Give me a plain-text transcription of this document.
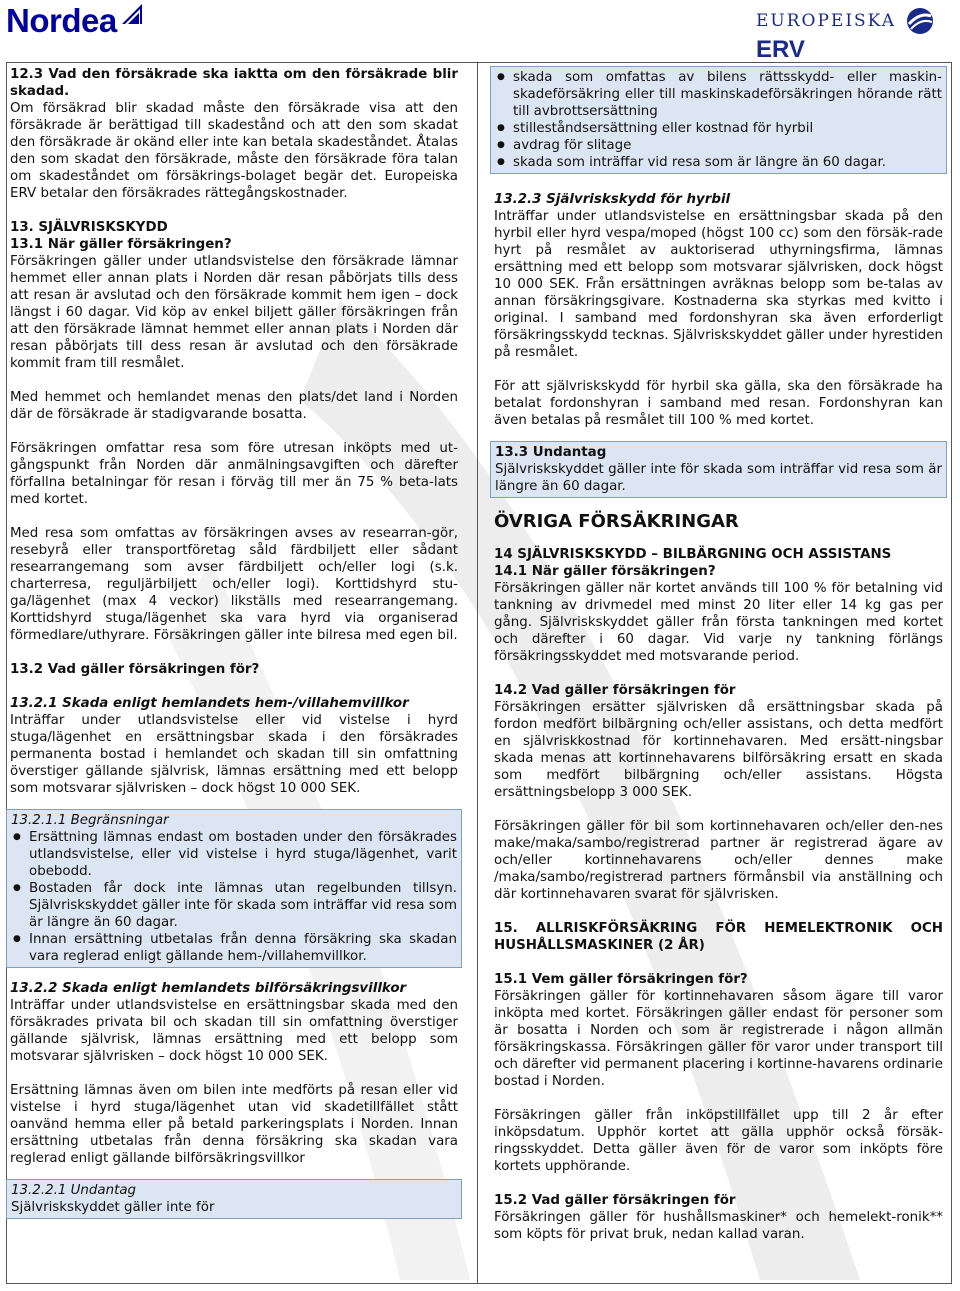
Nordea	EUROPEISKA  ERV

12.3 Vad den försäkrade ska iaktta om den försäkrade blir skadad.

Om försäkrad blir skadad måste den försäkrade visa att den försäkrade är berättigad till skadestånd och att den som skadat den försäkrade är okänd eller inte kan betala skadeståndet. Åtalas den som skadat den försäkrade, måste den försäkrade föra talan om skadeståndet om försäkrings-bolaget begär det. Europeiska ERV betalar den försäkrades rättegångskostnader.

13. SJÄLVRISKSKYDD

13.1 När gäller försäkringen?

Försäkringen gäller under utlandsvistelse den försäkrade lämnar hemmet eller annan plats i Norden där resan påbörjats tills dess att resan är avslutad och den försäkrade kommit hem igen – dock längst i 60 dagar. Vid köp av enkel biljett gäller försäkringen från att den försäkrade lämnat hemmet eller annan plats i Norden där resan påbörjats till dess resan är avslutad och den försäkrade kommit fram till resmålet.

Med hemmet och hemlandet menas den plats/det land i Norden där de försäkrade är stadigvarande bosatta.

Försäkringen omfattar resa som före utresan inköpts med ut-gångspunkt från Norden där anmälningsavgiften och därefter förfallna betalningar för resan i förväg till mer än 75 % beta-lats med kortet.

Med resa som omfattas av försäkringen avses av researran-gör, resebyrå eller transportföretag såld färdbiljett eller sådant researrangemang som avser färdbiljett och/eller logi (s.k. charterresa, reguljärbiljett och/eller logi). Korttidshyrd stu-ga/lägenhet (max 4 veckor) likställs med researrangemang. Korttidshyrd stuga/lägenhet ska vara hyrd via organiserad förmedlare/uthyrare. Försäkringen gäller inte bilresa med egen bil.

13.2 Vad gäller försäkringen för?

13.2.1 Skada enligt hemlandets hem-/villahemvillkor

Inträffar under utlandsvistelse eller vid vistelse i hyrd stuga/lägenhet en ersättningsbar skada i den försäkrades permanenta bostad i hemlandet och skadan till sin omfattning överstiger gällande självrisk, lämnas ersättning med ett belopp som motsvarar självrisken – dock högst 10 000 SEK.

13.2.1.1 Begränsningar

● Ersättning lämnas endast om bostaden under den försäkrades utlandsvistelse, eller vid vistelse i hyrd stuga/lägenhet, varit obebodd.
● Bostaden får dock inte lämnas utan regelbunden tillsyn. Självriskskyddet gäller inte för skada som inträffar vid resa som är längre än 60 dagar.
● Innan ersättning utbetalas från denna försäkring ska skadan vara reglerad enligt gällande hem-/villahemvillkor.

13.2.2 Skada enligt hemlandets bilförsäkringsvillkor

Inträffar under utlandsvistelse en ersättningsbar skada med den försäkrades privata bil och skadan till sin omfattning överstiger gällande självrisk, lämnas ersättning med ett belopp som motsvarar självrisken – dock högst 10 000 SEK.

Ersättning lämnas även om bilen inte medförts på resan eller vid vistelse i hyrd stuga/lägenhet utan vid skadetillfället stått oanvänd hemma eller på betald parkeringsplats i Norden. Innan ersättning utbetalas från denna försäkring ska skadan vara reglerad enligt gällande bilförsäkringsvillkor

13.2.2.1 Undantag

Självriskskyddet gäller inte för

● skada som omfattas av bilens rättsskydd- eller maskin-skadeförsäkring eller till maskinskadeförsäkringen hörande rätt till avbrottsersättning
● stilleståndsersättning eller kostnad för hyrbil
● avdrag för slitage
● skada som inträffar vid resa som är längre än 60 dagar.

13.2.3 Självriskskydd för hyrbil

Inträffar under utlandsvistelse en ersättningsbar skada på den hyrbil eller hyrd vespa/moped (högst 100 cc) som den försäk-rade hyrt på resmålet av auktoriserad uthyrningsfirma, lämnas ersättning med ett belopp som motsvarar självrisken, dock högst 10 000 SEK. Från ersättningen avräknas belopp som be-talas av annan försäkringsgivare. Kostnaderna ska styrkas med kvitto i original. I samband med fordonshyran ska även erforderligt försäkringsskydd tecknas. Självriskskyddet gäller under hyrestiden på resmålet.

För att självriskskydd för hyrbil ska gälla, ska den försäkrade ha betalat fordonshyran i samband med resan. Fordonshyran kan även betalas på resmålet till 100 % med kortet.

13.3 Undantag

Självriskskyddet gäller inte för skada som inträffar vid resa som är längre än 60 dagar.

ÖVRIGA FÖRSÄKRINGAR

14 SJÄLVRISKSKYDD – BILBÄRGNING OCH ASSISTANS

14.1 När gäller försäkringen?

Försäkringen gäller när kortet används till 100 % för betalning vid tankning av drivmedel med minst 20 liter eller 14 kg gas per gång. Självriskskyddet gäller från första tankningen med kortet och därefter i 60 dagar. Vid varje ny tankning förlängs försäkringsskyddet med motsvarande period.

14.2 Vad gäller försäkringen för

Försäkringen ersätter självrisken då ersättningsbar skada på fordon medfört bilbärgning och/eller assistans, och detta medfört en självriskkostnad för kortinnehavaren. Med ersätt-ningsbar skada menas att kortinnehavarens bilförsäkring ersatt en skada som medfört bilbärgning och/eller assistans. Högsta ersättningsbelopp 3 000 SEK.

Försäkringen gäller för bil som kortinnehavaren och/eller den-nes make/maka/sambo/registrerad partner är registrerad ägare av och/eller kortinnehavarens och/eller dennes make /maka/sambo/registrerad partners förmånsbil via anställning och där kortinnehavaren svarat för självrisken.

15. ALLRISKFÖRSÄKRING FÖR HEMELEKTRONIK OCH HUSHÅLLSMASKINER (2 ÅR)

15.1 Vem gäller försäkringen för?

Försäkringen gäller för kortinnehavaren såsom ägare till varor inköpta med kortet. Försäkringen gäller endast för personer som är bosatta i Norden och som är registrerade i någon allmän försäkringskassa. Försäkringen gäller för varor under transport till och därefter vid permanent placering i kortinne-havarens ordinarie bostad i Norden.

Försäkringen gäller från inköpstillfället upp till 2 år efter inköpsdatum. Upphör kortet att gälla upphör också försäk-ringsskyddet. Detta gäller även för de varor som inköpts före kortets upphörande.

15.2 Vad gäller försäkringen för

Försäkringen gäller för hushållsmaskiner* och hemelekt-ronik** som köpts för privat bruk, nedan kallad varan.
